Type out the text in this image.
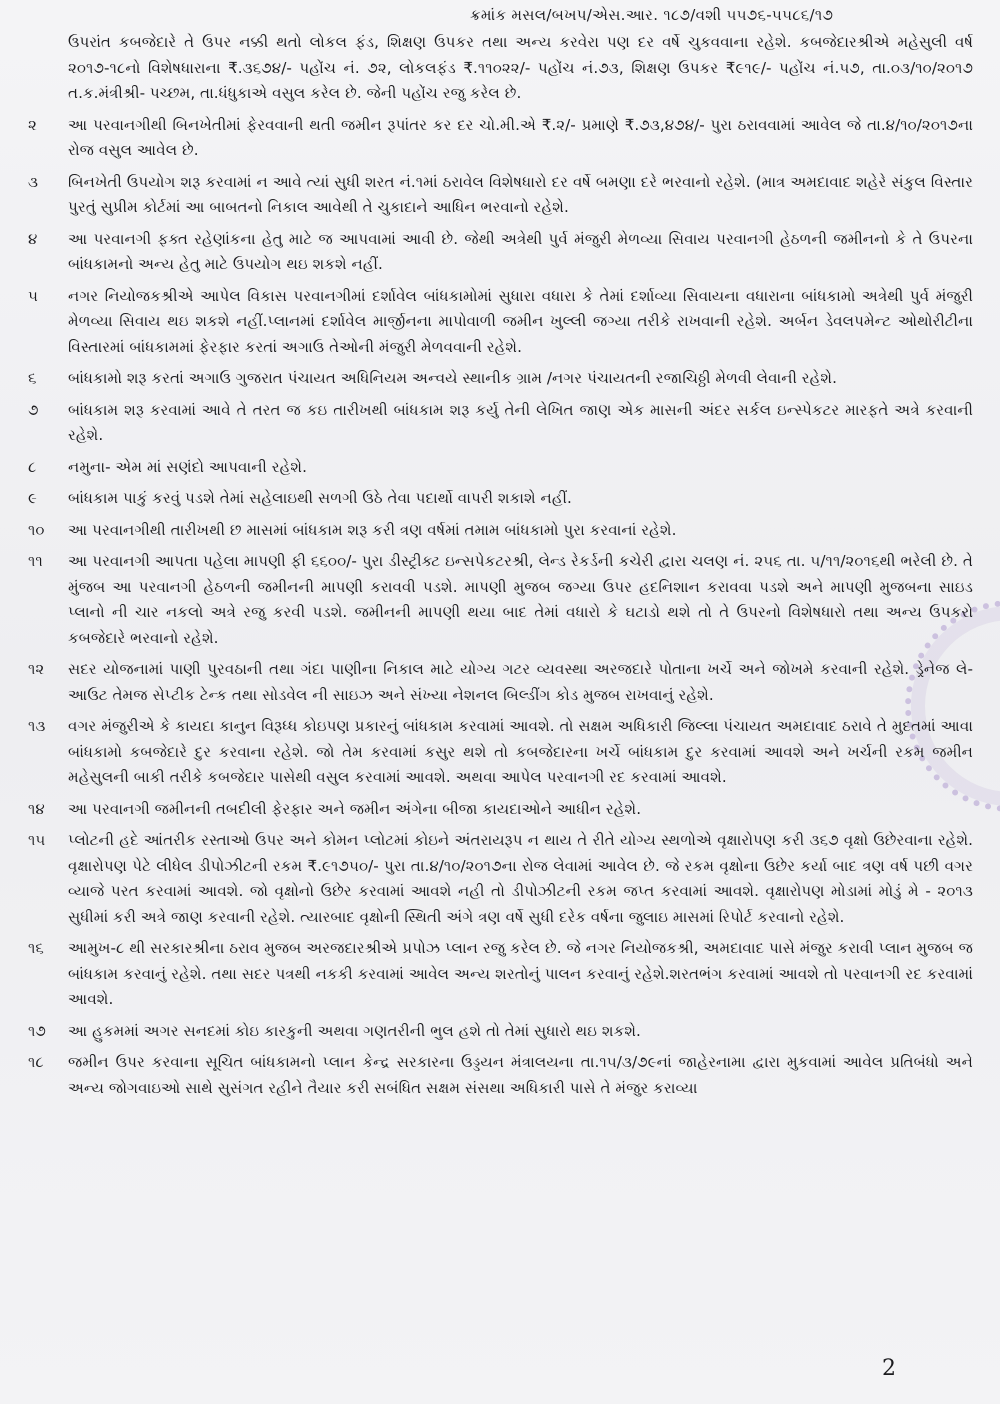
ક્રમાંક મસલ/બખપ/એસ.આર. ૧૮૭/વશી ૫૫૭૬-૫૫૮૬/૧૭
ઉપરાંત કબજેદારે તે ઉપર નક્કી થતો લોકલ ફંડ, શિક્ષણ ઉપકર તથા અન્ય કરવેરા પણ દર વર્ષે ચુકવવાના રહેશે. કબજેદારશ્રીએ મહેસુલી વર્ષ ૨૦૧૭-૧૮નો વિશેષધારાના ₹.૩૬૭૪/- પહોંચ નં. ૭૨, લોકલફંડ ₹.૧૧૦૨૨/- પહોંચ નં.૭૩, શિક્ષણ ઉપકર ₹૯૧૯/- પહોંચ નં.૫૭, તા.૦૩/૧૦/૨૦૧૭ ત.ક.મંત્રીશ્રી- પચ્છમ, તા.ધંધુકાએ વસુલ કરેલ છે. જેની પહોંચ રજુ કરેલ છે.
૨	આ પરવાનગીથી બિનખેતીમાં ફેરવવાની થતી જમીન રૂપાંતર કર દર ચો.મી.એ ₹.૨/- પ્રમાણે ₹.૭૩,૪૭૪/- પુરા ઠરાવવામાં આવેલ જે તા.૪/૧૦/૨૦૧૭ના રોજ વસુલ આવેલ છે.
૩	બિનખેતી ઉપયોગ શરૂ કરવામાં ન આવે ત્યાં સુધી શરત નં.૧માં ઠરાવેલ વિશેષધારો દર વર્ષે બમણા દરે ભરવાનો રહેશે. (માત્ર અમદાવાદ શહેરે સંકુલ વિસ્તાર પુરતું સુપ્રીમ કોર્ટમાં આ બાબતનો નિકાલ આવેથી તે ચુકાદાને આધિન ભરવાનો રહેશે.
૪	આ પરવાનગી ફક્ત રહેણાંકના હેતુ માટે જ આપવામાં આવી છે. જેથી અત્રેથી પુર્વ મંજુરી મેળવ્યા સિવાય પરવાનગી હેઠળની જમીનનો કે તે ઉપરના બાંધકામનો અન્ય હેતુ માટે ઉપયોગ થઇ શકશે નહીં.
૫	નગર નિયોજકશ્રીએ આપેલ વિકાસ પરવાનગીમાં દર્શાવેલ બાંધકામોમાં સુધારા વધારા કે તેમાં દર્શાવ્યા સિવાયના વધારાના બાંધકામો અત્રેથી પુર્વ મંજુરી મેળવ્યા સિવાય થઇ શકશે નહીં.પ્લાનમાં દર્શાવેલ માર્જીનના માપોવાળી જમીન ખુલ્લી જગ્યા તરીકે રાખવાની રહેશે. અર્બન ડેવલપમેન્ટ ઓથોરીટીના વિસ્તારમાં બાંધકામમાં ફેરફાર કરતાં અગાઉ તેઓની મંજુરી મેળવવાની રહેશે.
૬	બાંધકામો શરૂ કરતાં અગાઉ ગુજરાત પંચાયત અધિનિયમ અન્વયે સ્થાનીક ગ્રામ /નગર પંચાયતની રજાચિઠ્ઠી મેળવી લેવાની રહેશે.
૭	બાંધકામ શરૂ કરવામાં આવે તે તરત જ કઇ તારીખથી બાંધકામ શરૂ કર્યુ તેની લેખિત જાણ એક માસની અંદર સર્કલ ઇન્સ્પેકટર મારફતે અત્રે કરવાની રહેશે.
૮	નમુના- એમ માં સણંદો આપવાની રહેશે.
૯	બાંધકામ પાકું કરવું પડશે તેમાં સહેલાઇથી સળગી ઉઠે તેવા પદાર્થો વાપરી શકાશે નહીં.
૧૦	આ પરવાનગીથી તારીખથી છ માસમાં બાંધકામ શરૂ કરી ત્રણ વર્ષમાં તમામ બાંધકામો પુરા કરવાનાં રહેશે.
૧૧	આ પરવાનગી આપતા પહેલા માપણી ફી ૬૬૦૦/- પુરા ડીસ્ટ્રીક્ટ ઇન્સપેકટરશ્રી, લેન્ડ રેકર્ડની કચેરી દ્વારા ચલણ નં. ૨૫૬ તા. ૫/૧૧/૨૦૧૬થી ભરેલી છે. તે મુંજબ આ પરવાનગી હેઠળની જમીનની માપણી કરાવવી પડશે. માપણી મુજબ જગ્યા ઉપર હદનિશાન કરાવવા પડશે અને માપણી મુજબના સાઇડ પ્લાનો ની ચાર નકલો અત્રે રજુ કરવી પડશે. જમીનની માપણી થયા બાદ તેમાં વધારો કે ઘટાડો થશે તો તે ઉપરનો વિશેષધારો તથા અન્ય ઉપકરો કબજેદારે ભરવાનો રહેશે.
૧૨	સદર યોજનામાં પાણી પુરવઠાની તથા ગંદા પાણીના નિકાલ માટે યોગ્ય ગટર વ્યવસ્થા અરજદારે પોતાના ખર્ચે અને જોખમે કરવાની રહેશે. ડ્રેનેજ લે-આઉટ તેમજ સેપ્ટીક ટેન્ક તથા સોડવેલ ની સાઇઝ અને સંખ્યા નેશનલ બિલ્ડીંગ કોડ મુજબ રાખવાનું રહેશે.
૧૩	વગર મંજુરીએ કે કાયદા કાનુન વિરૂધ્ધ કોઇપણ પ્રકારનું બાંધકામ કરવામાં આવશે. તો સક્ષમ અધિકારી જિલ્લા પંચાયત અમદાવાદ ઠરાવે તે મુદતમાં આવા બાંધકામો કબજેદારે દુર કરવાના રહેશે. જો તેમ કરવામાં કસુર થશે તો કબજેદારના ખર્ચે બાંધકામ દુર કરવામાં આવશે અને ખર્ચની રકમ જમીન મહેસુલની બાકી તરીકે કબજેદાર પાસેથી વસુલ કરવામાં આવશે. અથવા આપેલ પરવાનગી રદ કરવામાં આવશે.
૧૪	આ પરવાનગી જમીનની તબદીલી ફેરફાર અને જમીન અંગેના બીજા કાયદાઓને આધીન રહેશે.
૧૫	પ્લોટની હદે આંતરીક રસ્તાઓ ઉપર અને કોમન પ્લોટમાં કોઇને અંતરાયરૂપ ન થાય તે રીતે યોગ્ય સ્થળોએ વૃક્ષારોપણ કરી ૩૬૭ વૃક્ષો ઉછેરવાના રહેશે. વૃક્ષારોપણ પેટે લીધેલ ડીપોઝીટની રકમ ₹.૯૧૭૫૦/- પુરા તા.૪/૧૦/૨૦૧૭ના રોજ લેવામાં આવેલ છે. જે રકમ વૃક્ષોના ઉછેર કર્યા બાદ ત્રણ વર્ષ પછી વગર વ્યાજે પરત કરવામાં આવશે. જો વૃક્ષોનો ઉછેર કરવામાં આવશે નહી તો ડીપોઝીટની રકમ જપ્ત કરવામાં આવશે. વૃક્ષારોપણ મોડામાં મોડું મે - ૨૦૧૩ સુધીમાં કરી અત્રે જાણ કરવાની રહેશે. ત્યારબાદ વૃક્ષોની સ્થિતી અંગે ત્રણ વર્ષે સુધી દરેક વર્ષના જુલાઇ માસમાં રિપોર્ટ કરવાનો રહેશે.
૧૬	આમુખ-૮ થી સરકારશ્રીના ઠરાવ મુજબ અરજદારશ્રીએ પ્રપોઝ પ્લાન રજુ કરેલ છે. જે નગર નિયોજકશ્રી, અમદાવાદ પાસે મંજુર કરાવી પ્લાન મુજબ જ બાંધકામ કરવાનું રહેશે. તથા સદર પત્રથી નકકી કરવામાં આવેલ અન્ય શરતોનું પાલન કરવાનું રહેશે.શરતભંગ કરવામાં આવશે તો પરવાનગી રદ કરવામાં આવશે.
૧૭	આ હુકમમાં અગર સનદમાં કોઇ કારકુની અથવા ગણતરીની ભુલ હશે તો તેમાં સુધારો થઇ શકશે.
૧૮	જમીન ઉપર કરવાના સૂચિત બાંધકામનો પ્લાન કેન્દ્ર સરકારના ઉડ્ડયન મંત્રાલયના તા.૧૫/૩/૭૯નાં જાહેરનામા દ્વારા મુકવામાં આવેલ પ્રતિબંધો અને અન્ય જોગવાઇઓ સાથે સુસંગત રહીને તૈયાર કરી સબંધિત સક્ષમ સંસથા અધિકારી પાસે તે મંજુર કરાવ્યા
2
